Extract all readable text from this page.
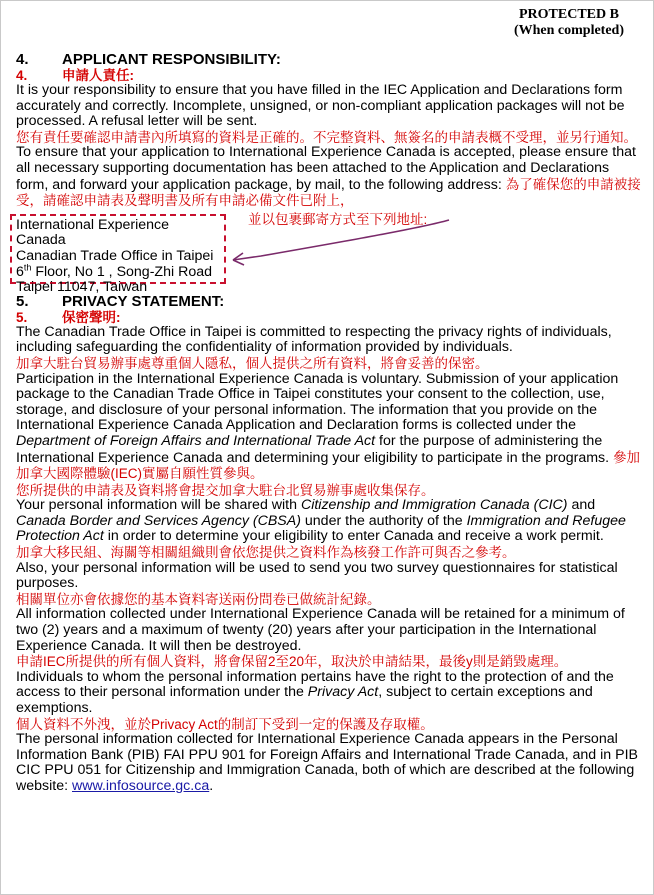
PROTECTED B
(When completed)
4. APPLICANT RESPONSIBILITY:
4.	申請人責任:

It is your responsibility to ensure that you have filled in the IEC Application and Declarations form accurately and correctly. Incomplete, unsigned, or non-compliant application packages will not be processed. A refusal letter will be sent.

您有責任要確認申請書內所填寫的資料是正確的。不完整資料、無簽名的申請表概不受理，並另行通知。

To ensure that your application to International Experience Canada is accepted, please ensure that all necessary supporting documentation has been attached to the Application and Declarations form, and forward your application package, by mail, to the following address: 為了確保您的申請被接受，請確認申請表及聲明書及所有申請必備文件已附上，

International Experience Canada
Canadian Trade Office in Taipei
6th Floor, No 1 , Song-Zhi Road
Taipei 11047, Taiwan
並以包裹郵寄方式至下列地址:
5. PRIVACY STATEMENT:
5.	保密聲明:

The Canadian Trade Office in Taipei is committed to respecting the privacy rights of individuals, including safeguarding the confidentiality of information provided by individuals.

加拿大駐台貿易辦事處尊重個人隱私，個人提供之所有資料，將會妥善的保密。

Participation in the International Experience Canada is voluntary. Submission of your application package to the Canadian Trade Office in Taipei constitutes your consent to the collection, use, storage, and disclosure of your personal information. The information that you provide on the International Experience Canada Application and Declaration forms is collected under the Department of Foreign Affairs and International Trade Act for the purpose of administering the International Experience Canada and determining your eligibility to participate in the programs. 參加加拿大國際體驗(IEC)實屬自願性質參與。

您所提供的申請表及資料將會提交加拿大駐台北貿易辦事處收集保存。

Your personal information will be shared with Citizenship and Immigration Canada (CIC) and Canada Border and Services Agency (CBSA) under the authority of the Immigration and Refugee Protection Act in order to determine your eligibility to enter Canada and receive a work permit.

加拿大移民組、海關等相關組織則會依您提供之資料作為核發工作許可與否之參考。

Also, your personal information will be used to send you two survey questionnaires for statistical purposes.

相關單位亦會依據您的基本資料寄送兩份問卷已做統計紀錄。

All information collected under International Experience Canada will be retained for a minimum of two (2) years and a maximum of twenty (20) years after your participation in the International Experience Canada. It will then be destroyed.

申請IEC所提供的所有個人資料，將會保留2至20年，取決於申請結果，最後y則是銷毀處理。

Individuals to whom the personal information pertains have the right to the protection of and the access to their personal information under the Privacy Act, subject to certain exceptions and exemptions.

個人資料不外洩，並於Privacy Act的制訂下受到一定的保護及存取權。

The personal information collected for International Experience Canada appears in the Personal Information Bank (PIB) FAI PPU 901 for Foreign Affairs and International Trade Canada, and in PIB CIC PPU 051 for Citizenship and Immigration Canada, both of which are described at the following website: www.infosource.gc.ca.
